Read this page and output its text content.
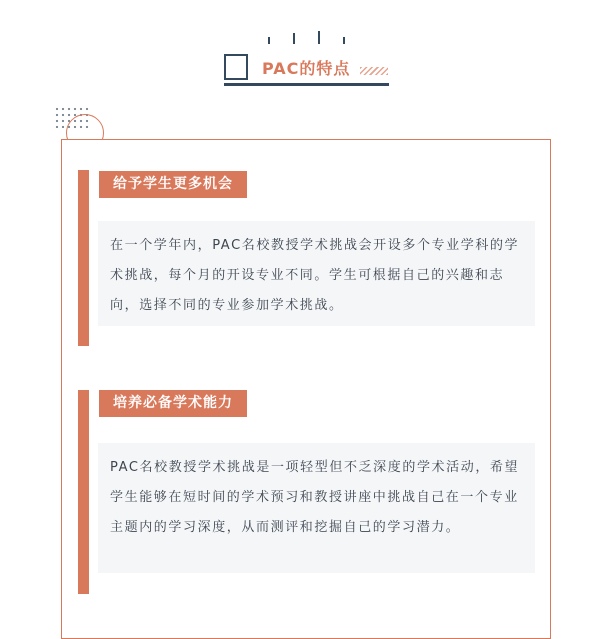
PAC的特点
给予学生更多机会
在一个学年内，PAC名校教授学术挑战会开设多个专业学科的学术挑战，每个月的开设专业不同。学生可根据自己的兴趣和志向，选择不同的专业参加学术挑战。
培养必备学术能力
PAC名校教授学术挑战是一项轻型但不乏深度的学术活动，希望学生能够在短时间的学术预习和教授讲座中挑战自己在一个专业主题内的学习深度，从而测评和挖掘自己的学习潜力。
